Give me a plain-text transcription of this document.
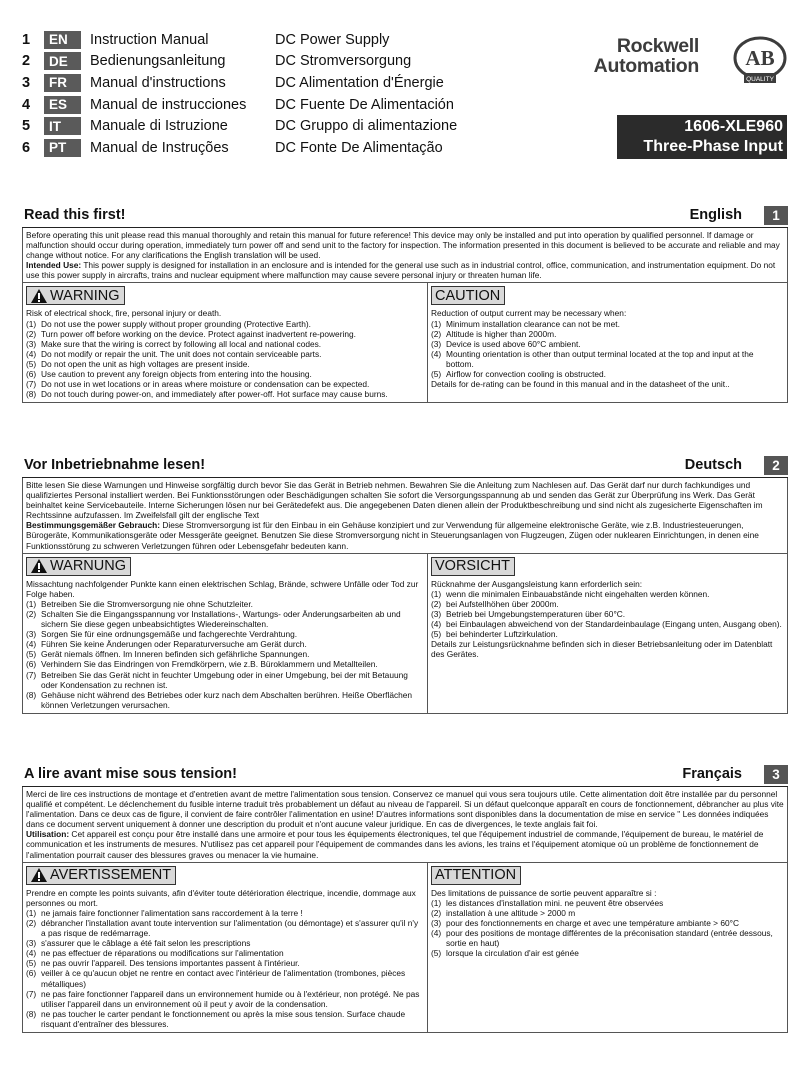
1	EN	Instruction Manual	DC Power Supply
2	DE	Bedienungsanleitung	DC Stromversorgung
3	FR	Manual d'instructions	DC Alimentation d'Énergie
4	ES	Manual de instrucciones	DC Fuente De Alimentación
5	IT	Manuale di Istruzione	DC Gruppo di alimentazione
6	PT	Manual de Instruções	DC Fonte De Alimentação
Rockwell
Automation AB
QUALITY
1606-XLE960
Three-Phase Input
Read this first!	English	1

Before operating this unit please read this manual thoroughly and retain this manual for future reference! This device may only be installed and put into operation by qualified personnel. If damage or malfunction should occur during operation, immediately turn power off and send unit to the factory for inspection. The information presented in this document is believed to be accurate and reliable and may change without notice. For any clarifications the English translation will be used.

Intended Use: This power supply is designed for installation in an enclosure and is intended for the general use such as in industrial control, office, communication, and instrumentation equipment. Do not use this power supply in aircrafts, trains and nuclear equipment where malfunction may cause severe personal injury or threaten human life.

WARNING

Risk of electrical shock, fire, personal injury or death.

(1) Do not use the power supply without proper grounding (Protective Earth).
(2) Turn power off before working on the device. Protect against inadvertent re-powering.
(3) Make sure that the wiring is correct by following all local and national codes.
(4) Do not modify or repair the unit. The unit does not contain serviceable parts.
(5) Do not open the unit as high voltages are present inside.
(6) Use caution to prevent any foreign objects from entering into the housing.
(7) Do not use in wet locations or in areas where moisture or condensation can be expected.
(8) Do not touch during power-on, and immediately after power-off. Hot surface may cause burns.
CAUTION

Reduction of output current may be necessary when:

(1) Minimum installation clearance can not be met.
(2) Altitude is higher than 2000m.
(3) Device is used above 60°C ambient.
(4) Mounting orientation is other than output terminal located at the top and input at the bottom.
(5) Airflow for convection cooling is obstructed.

Details for de-rating can be found in this manual and in the datasheet of the unit..

Vor Inbetriebnahme lesen!	Deutsch	2

Bitte lesen Sie diese Warnungen und Hinweise sorgfältig durch bevor Sie das Gerät in Betrieb nehmen. Bewahren Sie die Anleitung zum Nachlesen auf. Das Gerät darf nur durch fachkundiges und qualifiziertes Personal installiert werden. Bei Funktionsstörungen oder Beschädigungen schalten Sie sofort die Versorgungsspannung ab und senden das Gerät zur Überprüfung ins Werk. Das Gerät beinhaltet keine Servicebauteile. Interne Sicherungen lösen nur bei Gerätedefekt aus. Die angegebenen Daten dienen allein der Produktbeschreibung und sind nicht als zugesicherte Eigenschaften im Rechtssinne aufzufassen. Im Zweifelsfall gilt der englische Text

Bestimmungsgemäßer Gebrauch: Diese Stromversorgung ist für den Einbau in ein Gehäuse konzipiert und zur Verwendung für allgemeine elektronische Geräte, wie z.B. Industriesteuerungen, Bürogeräte, Kommunikationsgeräte oder Messgeräte geeignet. Benutzen Sie diese Stromversorgung nicht in Steuerungsanlagen von Flugzeugen, Zügen oder nuklearen Einrichtungen, in denen eine Funktionsstörung zu schweren Verletzungen führen oder Lebensgefahr bedeuten kann.

WARNUNG

Missachtung nachfolgender Punkte kann einen elektrischen Schlag, Brände, schwere Unfälle oder Tod zur Folge haben.

(1) Betreiben Sie die Stromversorgung nie ohne Schutzleiter.
(2) Schalten Sie die Eingangsspannung vor Installations-, Wartungs- oder Änderungsarbeiten ab und sichern Sie diese gegen unbeabsichtigtes Wiedereinschalten.
(3) Sorgen Sie für eine ordnungsgemäße und fachgerechte Verdrahtung.
(4) Führen Sie keine Änderungen oder Reparaturversuche am Gerät durch.
(5) Gerät niemals öffnen. Im Inneren befinden sich gefährliche Spannungen.
(6) Verhindern Sie das Eindringen von Fremdkörpern, wie z.B. Büroklammern und Metallteilen.
(7) Betreiben Sie das Gerät nicht in feuchter Umgebung oder in einer Umgebung, bei der mit Betauung oder Kondensation zu rechnen ist.
(8) Gehäuse nicht während des Betriebes oder kurz nach dem Abschalten berühren. Heiße Oberflächen können Verletzungen verursachen.
VORSICHT

Rücknahme der Ausgangsleistung kann erforderlich sein:

(1) wenn die minimalen Einbauabstände nicht eingehalten werden können.
(2) bei Aufstellhöhen über 2000m.
(3) Betrieb bei Umgebungstemperaturen über 60°C.
(4) bei Einbaulagen abweichend von der Standardeinbaulage (Eingang unten, Ausgang oben).
(5) bei behinderter Luftzirkulation.

Details zur Leistungsrücknahme befinden sich in dieser Betriebsanleitung oder im Datenblatt des Gerätes.

A lire avant mise sous tension!	Français	3

Merci de lire ces instructions de montage et d'entretien avant de mettre l'alimentation sous tension. Conservez ce manuel qui vous sera toujours utile. Cette alimentation doit être installée par du personnel qualifié et compétent. Le déclenchement du fusible interne traduit très probablement un défaut au niveau de l'appareil. Si un défaut quelconque apparaît en cours de fonctionnement, débrancher au plus vite l'alimentation. Dans ce deux cas de figure, il convient de faire contrôler l'alimentation en usine! D'autres informations sont disponibles dans la documentation de mise en service " Les données indiquées dans ce document servent uniquement à donner une description du produit et n'ont aucune valeur juridique. En cas de divergences, le texte anglais fait foi.

Utilisation: Cet appareil est conçu pour être installé dans une armoire et pour tous les équipements électroniques, tel que l'équipement industriel de commande, l'équipement de bureau, le matériel de communication et les instruments de mesures. N'utilisez pas cet appareil pour l'équipement de commandes dans les avions, les trains et l'équipement atomique où un problème de fonctionnement de l'alimentation pourrait causer des blessures graves ou menacer la vie humaine.

AVERTISSEMENT

Prendre en compte les points suivants, afin d'éviter toute détérioration électrique, incendie, dommage aux personnes ou mort.

(1) ne jamais faire fonctionner l'alimentation sans raccordement à la terre !
(2) débrancher l'installation avant toute intervention sur l'alimentation (ou démontage) et s'assurer qu'il n'y a pas risque de redémarrage.
(3) s'assurer que le câblage a été fait selon les prescriptions
(4) ne pas effectuer de réparations ou modifications sur l'alimentation
(5) ne pas ouvrir l'appareil. Des tensions importantes passent à l'intérieur.
(6) veiller à ce qu'aucun objet ne rentre en contact avec l'intérieur de l'alimentation (trombones, pièces métalliques)
(7) ne pas faire fonctionner l'appareil dans un environnement humide ou à l'extérieur, non protégé. Ne pas utiliser l'appareil dans un environnement où il peut y avoir de la condensation.
(8) ne pas toucher le carter pendant le fonctionnement ou après la mise sous tension. Surface chaude risquant d'entraîner des blessures.
ATTENTION

Des limitations de puissance de sortie peuvent apparaître si :

(1) les distances d'installation mini. ne peuvent être observées
(2) installation à une altitude > 2000 m
(3) pour des fonctionnements en charge et avec une température ambiante > 60°C
(4) pour des positions de montage différentes de la préconisation standard (entrée dessous, sortie en haut)
(5) lorsque la circulation d'air est génée
